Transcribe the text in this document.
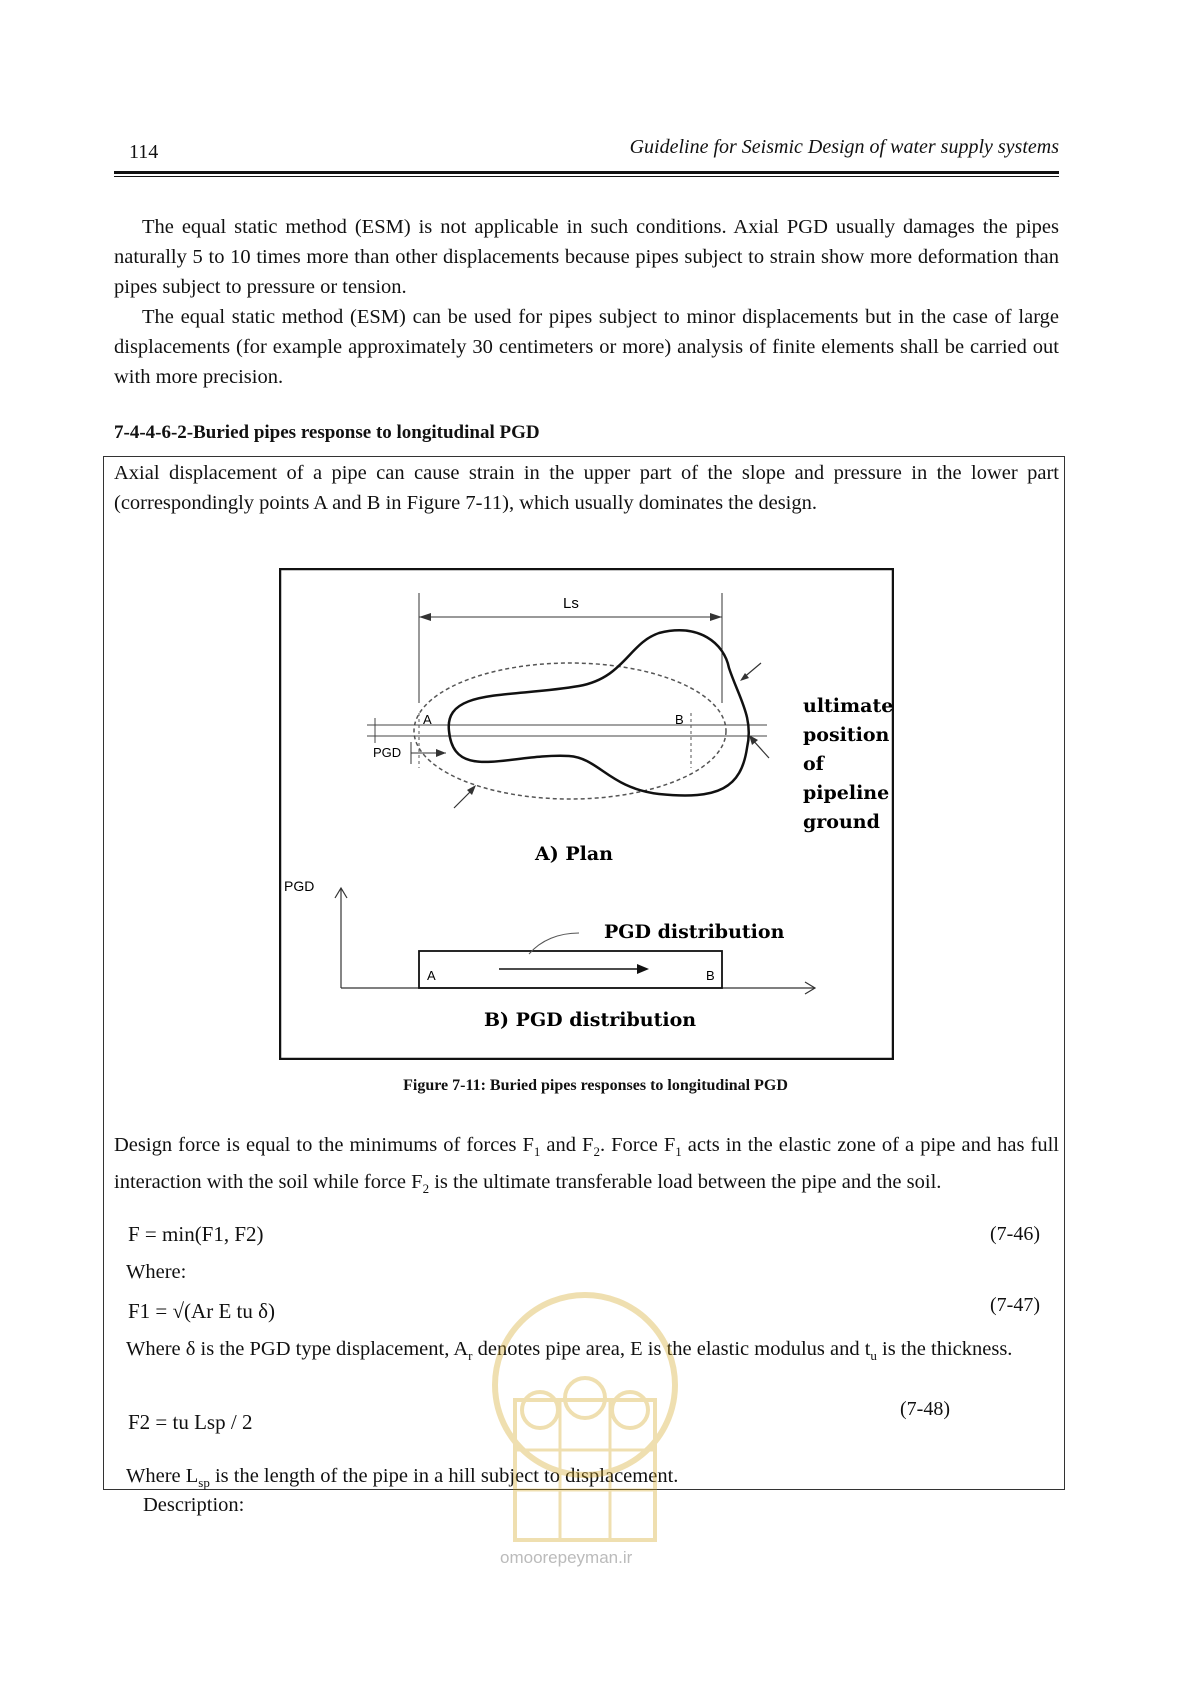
114	Guideline for Seismic Design of water supply systems

The equal static method (ESM) is not applicable in such conditions. Axial PGD usually damages the pipes naturally 5 to 10 times more than other displacements because pipes subject to strain show more deformation than pipes subject to pressure or tension.

The equal static method (ESM) can be used for pipes subject to minor displacements but in the case of large displacements (for example approximately 30 centimeters or more) analysis of finite elements shall be carried out with more precision.

7-4-4-6-2-Buried pipes response to longitudinal PGD

Axial displacement of a pipe can cause strain in the upper part of the slope and pressure in the lower part (correspondingly points A and B in Figure 7-11), which usually dominates the design.

Ls
A	B
PGD
ultimate position of pipeline ground
A) Plan
PGD
A	B
PGD distribution
B) PGD distribution
Figure 7-11: Buried pipes responses to longitudinal PGD

Design force is equal to the minimums of forces $F_1$ and $F_2$. Force $F_1$ acts in the elastic zone of a pipe and has full interaction with the soil while force $F_2$ is the ultimate transferable load between the pipe and the soil.

F = min(F1, F2)	(7-46)
Where:
F1 = √(Ar E tu δ)	(7-47)

Where δ is the PGD type displacement, $A_r$ denotes pipe area, E is the elastic modulus and $t_u$ is the thickness.

F2 = tu Lsp / 2
(7-48)

Where $L_{sp}$ is the length of the pipe in a hill subject to displacement.

Description:
omoorepeyman.ir
